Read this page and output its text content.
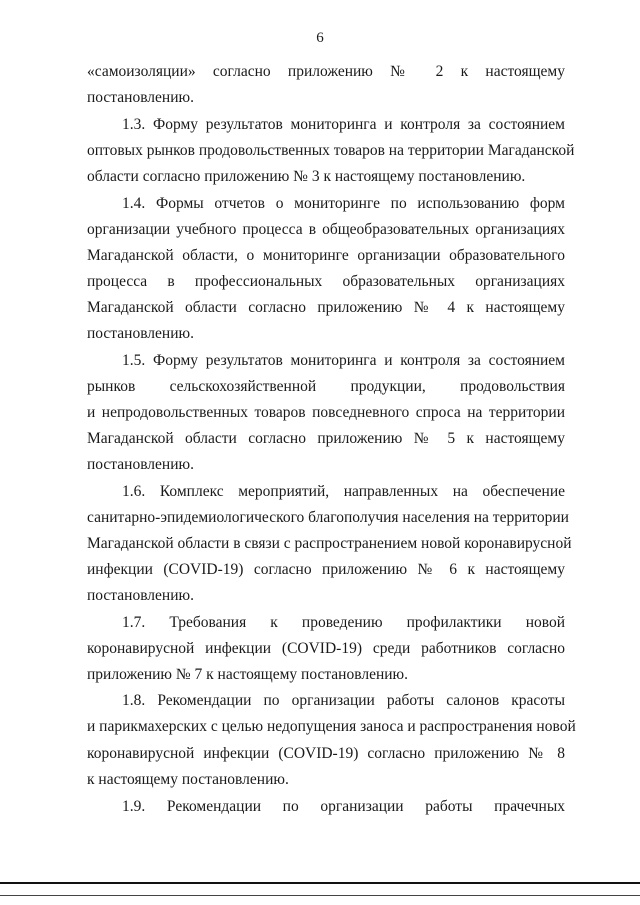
6
«самоизоляции» согласно приложению № 2 к настоящему
постановлению.
1.3. Форму результатов мониторинга и контроля за состоянием
оптовых рынков продовольственных товаров на территории Магаданской
области согласно приложению № 3 к настоящему постановлению.
1.4. Формы отчетов о мониторинге по использованию форм
организации учебного процесса в общеобразовательных организациях
Магаданской области, о мониторинге организации образовательного
процесса в профессиональных образовательных организациях
Магаданской области согласно приложению № 4 к настоящему
постановлению.
1.5. Форму результатов мониторинга и контроля за состоянием
рынков сельскохозяйственной продукции, продовольствия
и непродовольственных товаров повседневного спроса на территории
Магаданской области согласно приложению № 5 к настоящему
постановлению.
1.6. Комплекс мероприятий, направленных на обеспечение
санитарно-эпидемиологического благополучия населения на территории
Магаданской области в связи с распространением новой коронавирусной
инфекции (COVID-19) согласно приложению № 6 к настоящему
постановлению.
1.7. Требования к проведению профилактики новой
коронавирусной инфекции (COVID-19) среди работников согласно
приложению № 7 к настоящему постановлению.
1.8. Рекомендации по организации работы салонов красоты
и парикмахерских с целью недопущения заноса и распространения новой
коронавирусной инфекции (COVID-19) согласно приложению № 8
к настоящему постановлению.
1.9. Рекомендации по организации работы прачечных
